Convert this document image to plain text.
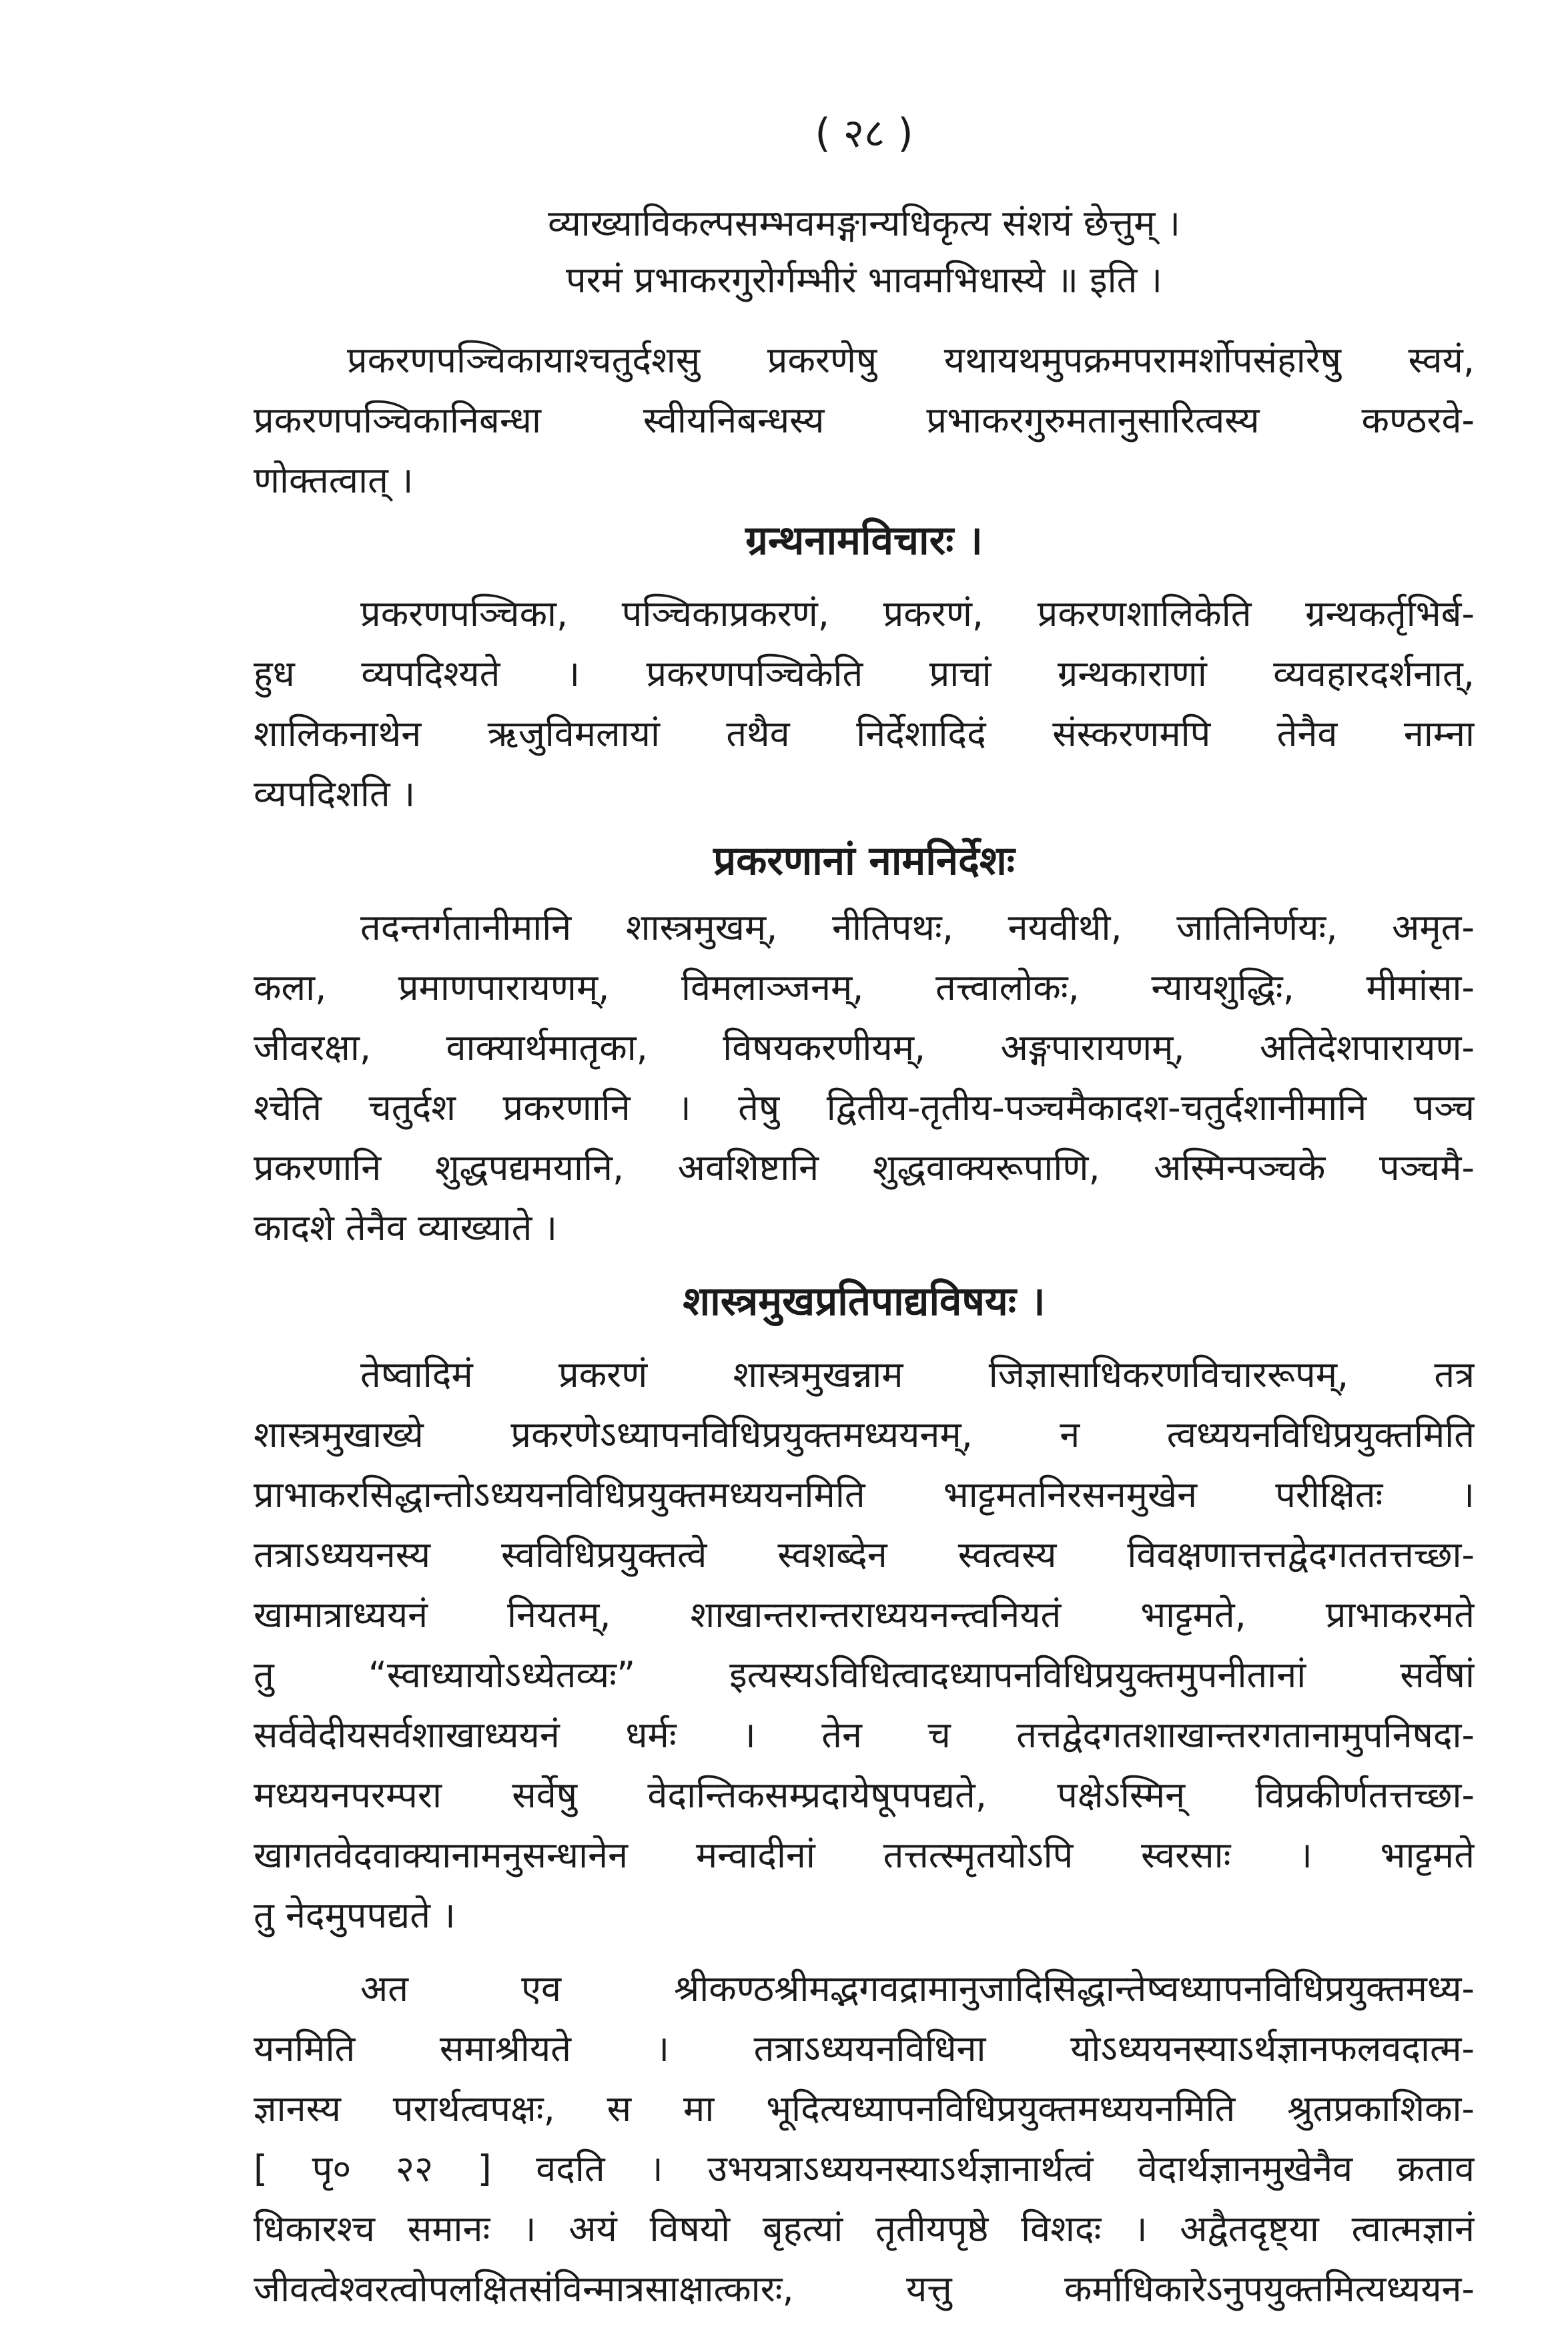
( २८ )
व्याख्याविकल्पसम्भवमङ्गान्यधिकृत्य संशयं छेत्तुम् ।
परमं प्रभाकरगुरोर्गम्भीरं भावमभिधास्ये ॥ इति ।
प्रकरणपञ्चिकायाश्चतुर्दशसु प्रकरणेषु यथायथमुपक्रमपरामर्शोपसंहारेषु स्वयं,
प्रकरणपञ्चिकानिबन्धा स्वीयनिबन्धस्य प्रभाकरगुरुमतानुसारित्वस्य कण्ठरवे-
णोक्तत्वात् ।
ग्रन्थनामविचारः ।
प्रकरणपञ्चिका, पञ्चिकाप्रकरणं, प्रकरणं, प्रकरणशालिकेति ग्रन्थकर्तृभिर्ब-
हुध व्यपदिश्यते । प्रकरणपञ्चिकेति प्राचां ग्रन्थकाराणां व्यवहारदर्शनात्,
शालिकनाथेन ऋजुविमलायां तथैव निर्देशादिदं संस्करणमपि तेनैव नाम्ना
व्यपदिशति ।
प्रकरणानां नामनिर्देशः
तदन्तर्गतानीमानि शास्त्रमुखम्, नीतिपथः, नयवीथी, जातिनिर्णयः, अमृत-
कला, प्रमाणपारायणम्, विमलाञ्जनम्, तत्त्वालोकः, न्यायशुद्धिः, मीमांसा-
जीवरक्षा, वाक्यार्थमातृका, विषयकरणीयम्, अङ्गपारायणम्, अतिदेशपारायण-
श्चेति चतुर्दश प्रकरणानि । तेषु द्वितीय-तृतीय-पञ्चमैकादश-चतुर्दशानीमानि पञ्च
प्रकरणानि शुद्धपद्यमयानि, अवशिष्टानि शुद्धवाक्यरूपाणि, अस्मिन्पञ्चके पञ्चमै-
कादशे तेनैव व्याख्याते ।
शास्त्रमुखप्रतिपाद्यविषयः ।
तेष्वादिमं प्रकरणं शास्त्रमुखन्नाम जिज्ञासाधिकरणविचाररूपम्, तत्र
शास्त्रमुखाख्ये प्रकरणेऽध्यापनविधिप्रयुक्तमध्ययनम्, न त्वध्ययनविधिप्रयुक्तमिति
प्राभाकरसिद्धान्तोऽध्ययनविधिप्रयुक्तमध्ययनमिति भाट्टमतनिरसनमुखेन परीक्षितः ।
तत्राऽध्ययनस्य स्वविधिप्रयुक्तत्वे स्वशब्देन स्वत्वस्य विवक्षणात्तत्तद्वेदगततत्तच्छा-
खामात्राध्ययनं नियतम्, शाखान्तरान्तराध्ययनन्त्वनियतं भाट्टमते, प्राभाकरमते
तु “स्वाध्यायोऽध्येतव्यः” इत्यस्यऽविधित्वादध्यापनविधिप्रयुक्तमुपनीतानां सर्वेषां
सर्ववेदीयसर्वशाखाध्ययनं धर्मः । तेन च तत्तद्वेदगतशाखान्तरगतानामुपनिषदा-
मध्ययनपरम्परा सर्वेषु वेदान्तिकसम्प्रदायेषूपपद्यते, पक्षेऽस्मिन् विप्रकीर्णतत्तच्छा-
खागतवेदवाक्यानामनुसन्धानेन मन्वादीनां तत्तत्स्मृतयोऽपि स्वरसाः । भाट्टमते
तु नेदमुपपद्यते ।
अत एव श्रीकण्ठश्रीमद्भगवद्रामानुजादिसिद्धान्तेष्वध्यापनविधिप्रयुक्तमध्य-
यनमिति समाश्रीयते । तत्राऽध्ययनविधिना योऽध्ययनस्याऽर्थज्ञानफलवदात्म-
ज्ञानस्य परार्थत्वपक्षः, स मा भूदित्यध्यापनविधिप्रयुक्तमध्ययनमिति श्रुतप्रकाशिका-
[ पृ० २२ ] वदति । उभयत्राऽध्ययनस्याऽर्थज्ञानार्थत्वं वेदार्थज्ञानमुखेनैव क्रताव
धिकारश्च समानः । अयं विषयो बृहत्यां तृतीयपृष्ठे विशदः । अद्वैतदृष्ट्या त्वात्मज्ञानं
जीवत्वेश्वरत्वोपलक्षितसंविन्मात्रसाक्षात्कारः, यत्तु कर्माधिकारेऽनुपयुक्तमित्यध्ययन-
